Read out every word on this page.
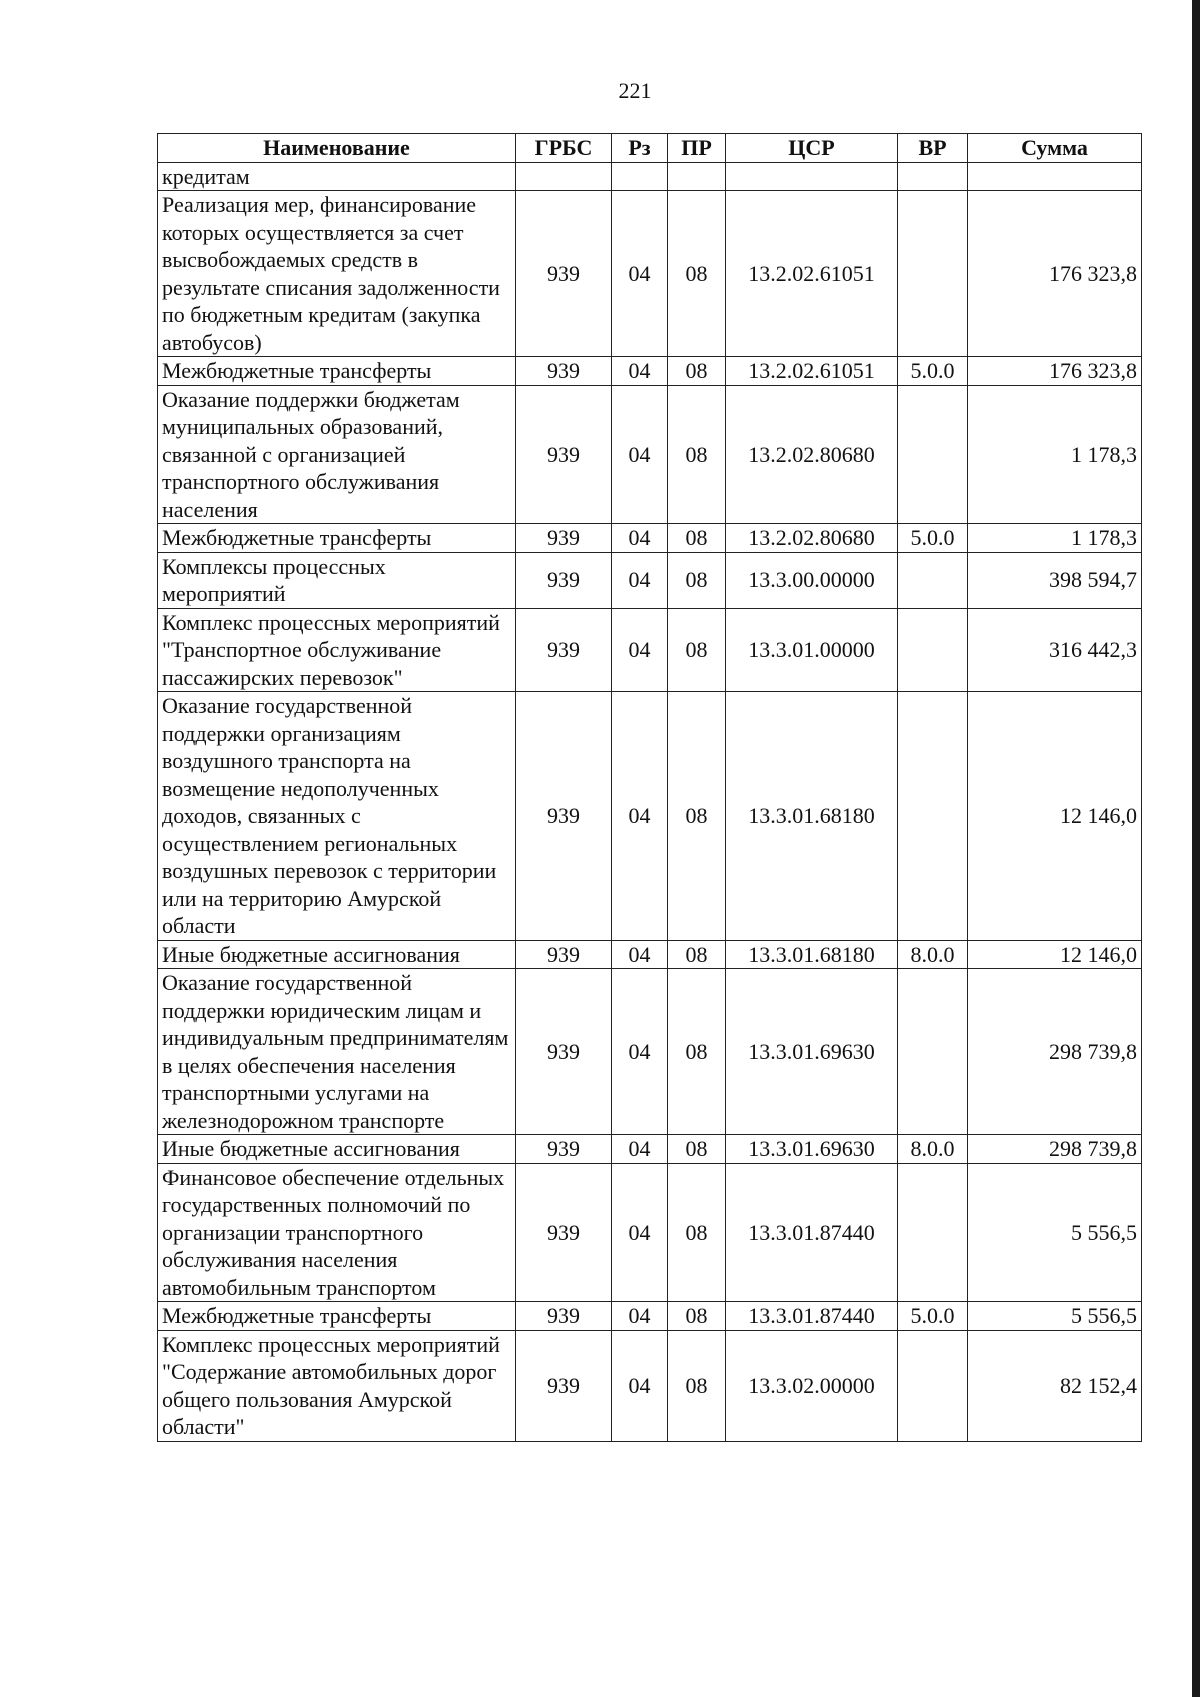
221
Наименование	ГРБС	Рз	ПР	ЦСР	ВР	Сумма
кредитам						
Реализация мер, финансирование которых осуществляется за счет высвобождаемых средств в результате списания задолженности по бюджетным кредитам (закупка автобусов)	939	04	08	13.2.02.61051		176 323,8
Межбюджетные трансферты	939	04	08	13.2.02.61051	5.0.0	176 323,8
Оказание поддержки бюджетам муниципальных образований, связанной с организацией транспортного обслуживания населения	939	04	08	13.2.02.80680		1 178,3
Межбюджетные трансферты	939	04	08	13.2.02.80680	5.0.0	1 178,3
Комплексы процессных мероприятий	939	04	08	13.3.00.00000		398 594,7
Комплекс процессных мероприятий "Транспортное обслуживание пассажирских перевозок"	939	04	08	13.3.01.00000		316 442,3
Оказание государственной поддержки организациям воздушного транспорта на возмещение недополученных доходов, связанных с осуществлением региональных воздушных перевозок с территории или на территорию Амурской области	939	04	08	13.3.01.68180		12 146,0
Иные бюджетные ассигнования	939	04	08	13.3.01.68180	8.0.0	12 146,0
Оказание государственной поддержки юридическим лицам и индивидуальным предпринимателям в целях обеспечения населения транспортными услугами на железнодорожном транспорте	939	04	08	13.3.01.69630		298 739,8
Иные бюджетные ассигнования	939	04	08	13.3.01.69630	8.0.0	298 739,8
Финансовое обеспечение отдельных государственных полномочий по организации транспортного обслуживания населения автомобильным транспортом	939	04	08	13.3.01.87440		5 556,5
Межбюджетные трансферты	939	04	08	13.3.01.87440	5.0.0	5 556,5
Комплекс процессных мероприятий "Содержание автомобильных дорог общего пользования Амурской области"	939	04	08	13.3.02.00000		82 152,4
